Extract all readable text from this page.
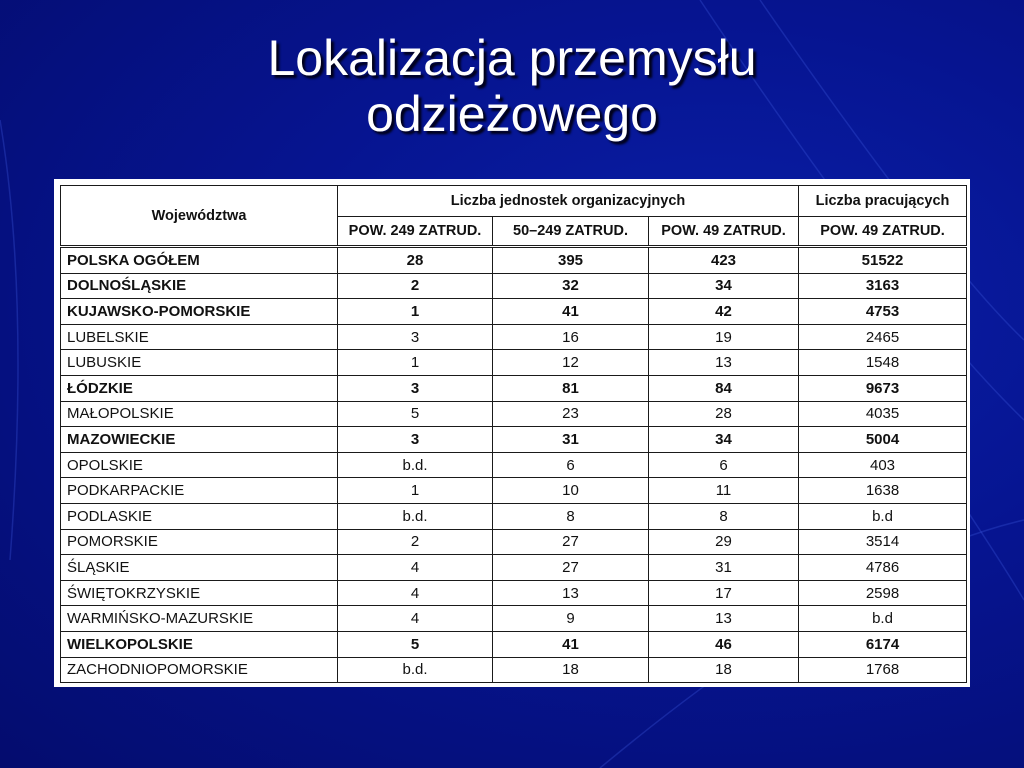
Lokalizacja przemysłu
odzieżowego
Województwa	Liczba jednostek organizacyjnych			Liczba pracujących
	POW. 249 ZATRUD.	50–249 ZATRUD.	POW. 49 ZATRUD.	POW. 49 ZATRUD.
POLSKA OGÓŁEM	28	395	423	51522
DOLNOŚLĄSKIE	2	32	34	3163
KUJAWSKO-POMORSKIE	1	41	42	4753
LUBELSKIE	3	16	19	2465
LUBUSKIE	1	12	13	1548
ŁÓDZKIE	3	81	84	9673
MAŁOPOLSKIE	5	23	28	4035
MAZOWIECKIE	3	31	34	5004
OPOLSKIE	b.d.	6	6	403
PODKARPACKIE	1	10	11	1638
PODLASKIE	b.d.	8	8	b.d
POMORSKIE	2	27	29	3514
ŚLĄSKIE	4	27	31	4786
ŚWIĘTOKRZYSKIE	4	13	17	2598
WARMIŃSKO-MAZURSKIE	4	9	13	b.d
WIELKOPOLSKIE	5	41	46	6174
ZACHODNIOPOMORSKIE	b.d.	18	18	1768
